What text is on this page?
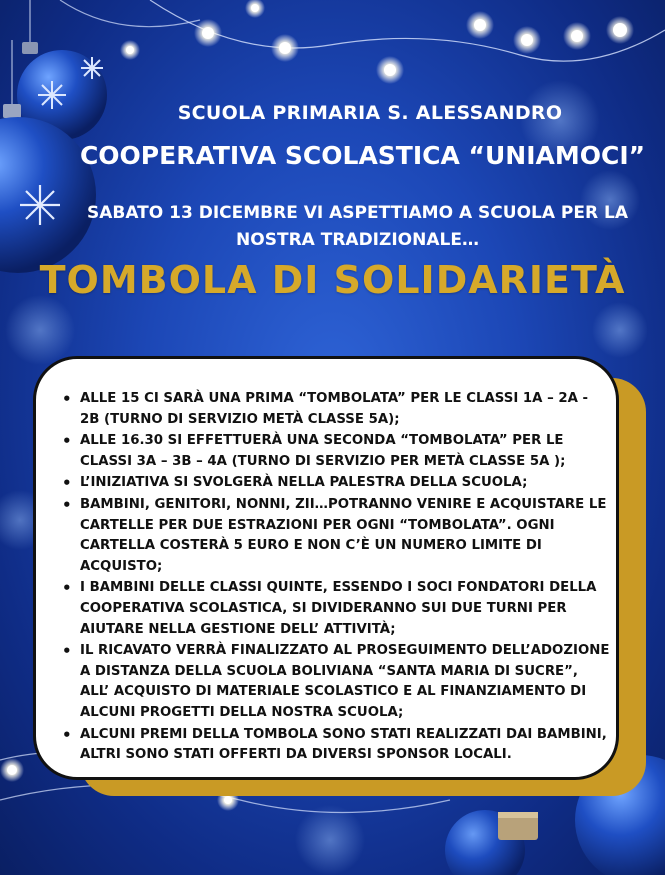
SCUOLA PRIMARIA S. ALESSANDRO
COOPERATIVA SCOLASTICA “UNIAMOCI”
SABATO 13 DICEMBRE VI ASPETTIAMO A SCUOLA PER LA
NOSTRA TRADIZIONALE…
TOMBOLA DI SOLIDARIETÀ
• ALLE 15 CI SARÀ UNA PRIMA “TOMBOLATA” PER LE CLASSI 1A – 2A - 2B (TURNO DI SERVIZIO METÀ CLASSE 5A);
• ALLE 16.30 SI EFFETTUERÀ UNA SECONDA “TOMBOLATA” PER LE CLASSI 3A – 3B – 4A (TURNO DI SERVIZIO PER METÀ CLASSE 5A );
• L’INIZIATIVA SI SVOLGERÀ NELLA PALESTRA DELLA SCUOLA;
• BAMBINI, GENITORI, NONNI, ZII…POTRANNO VENIRE E ACQUISTARE LE CARTELLE PER DUE ESTRAZIONI PER OGNI “TOMBOLATA”. OGNI CARTELLA COSTERÀ 5 EURO E NON C’È UN NUMERO LIMITE DI ACQUISTO;
• I BAMBINI DELLE CLASSI QUINTE, ESSENDO I SOCI FONDATORI DELLA COOPERATIVA SCOLASTICA, SI DIVIDERANNO SUI DUE TURNI PER AIUTARE NELLA GESTIONE DELL’ ATTIVITÀ;
• IL RICAVATO VERRÀ FINALIZZATO AL PROSEGUIMENTO DELL’ADOZIONE A DISTANZA DELLA SCUOLA BOLIVIANA “SANTA MARIA DI SUCRE”, ALL’ ACQUISTO DI MATERIALE SCOLASTICO E AL FINANZIAMENTO DI ALCUNI PROGETTI DELLA NOSTRA SCUOLA;
• ALCUNI PREMI DELLA TOMBOLA SONO STATI REALIZZATI DAI BAMBINI, ALTRI SONO STATI OFFERTI DA DIVERSI SPONSOR LOCALI.
